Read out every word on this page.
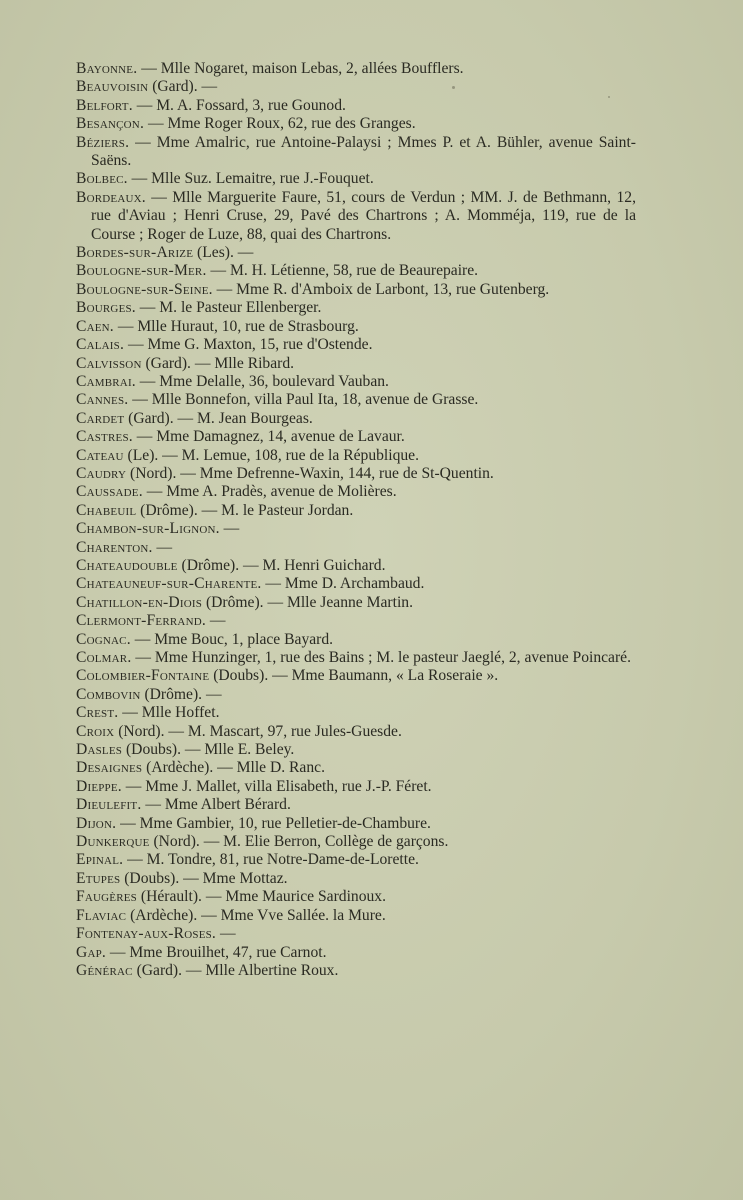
Bayonne. — Mlle Nogaret, maison Lebas, 2, allées Boufflers.

Beauvoisin (Gard). —

Belfort. — M. A. Fossard, 3, rue Gounod.

Besançon. — Mme Roger Roux, 62, rue des Granges.

Béziers. — Mme Amalric, rue Antoine-Palaysi ; Mmes P. et A. Bühler, avenue Saint-Saëns.

Bolbec. — Mlle Suz. Lemaitre, rue J.-Fouquet.

Bordeaux. — Mlle Marguerite Faure, 51, cours de Verdun ; MM. J. de Bethmann, 12, rue d'Aviau ; Henri Cruse, 29, Pavé des Chartrons ; A. Momméja, 119, rue de la Course ; Roger de Luze, 88, quai des Chartrons.

Bordes-sur-Arize (Les). —

Boulogne-sur-Mer. — M. H. Létienne, 58, rue de Beaurepaire.

Boulogne-sur-Seine. — Mme R. d'Amboix de Larbont, 13, rue Gutenberg.

Bourges. — M. le Pasteur Ellenberger.

Caen. — Mlle Huraut, 10, rue de Strasbourg.

Calais. — Mme G. Maxton, 15, rue d'Ostende.

Calvisson (Gard). — Mlle Ribard.

Cambrai. — Mme Delalle, 36, boulevard Vauban.

Cannes. — Mlle Bonnefon, villa Paul Ita, 18, avenue de Grasse.

Cardet (Gard). — M. Jean Bourgeas.

Castres. — Mme Damagnez, 14, avenue de Lavaur.

Cateau (Le). — M. Lemue, 108, rue de la République.

Caudry (Nord). — Mme Defrenne-Waxin, 144, rue de St-Quentin.

Caussade. — Mme A. Pradès, avenue de Molières.

Chabeuil (Drôme). — M. le Pasteur Jordan.

Chambon-sur-Lignon. —

Charenton. —

Chateaudouble (Drôme). — M. Henri Guichard.

Chateauneuf-sur-Charente. — Mme D. Archambaud.

Chatillon-en-Diois (Drôme). — Mlle Jeanne Martin.

Clermont-Ferrand. —

Cognac. — Mme Bouc, 1, place Bayard.

Colmar. — Mme Hunzinger, 1, rue des Bains ; M. le pasteur Jaeglé, 2, avenue Poincaré.

Colombier-Fontaine (Doubs). — Mme Baumann, « La Roseraie ».

Combovin (Drôme). —

Crest. — Mlle Hoffet.

Croix (Nord). — M. Mascart, 97, rue Jules-Guesde.

Dasles (Doubs). — Mlle E. Beley.

Desaignes (Ardèche). — Mlle D. Ranc.

Dieppe. — Mme J. Mallet, villa Elisabeth, rue J.-P. Féret.

Dieulefit. — Mme Albert Bérard.

Dijon. — Mme Gambier, 10, rue Pelletier-de-Chambure.

Dunkerque (Nord). — M. Elie Berron, Collège de garçons.

Epinal. — M. Tondre, 81, rue Notre-Dame-de-Lorette.

Etupes (Doubs). — Mme Mottaz.

Faugères (Hérault). — Mme Maurice Sardinoux.

Flaviac (Ardèche). — Mme Vve Sallée. la Mure.

Fontenay-aux-Roses. —

Gap. — Mme Brouilhet, 47, rue Carnot.

Générac (Gard). — Mlle Albertine Roux.
